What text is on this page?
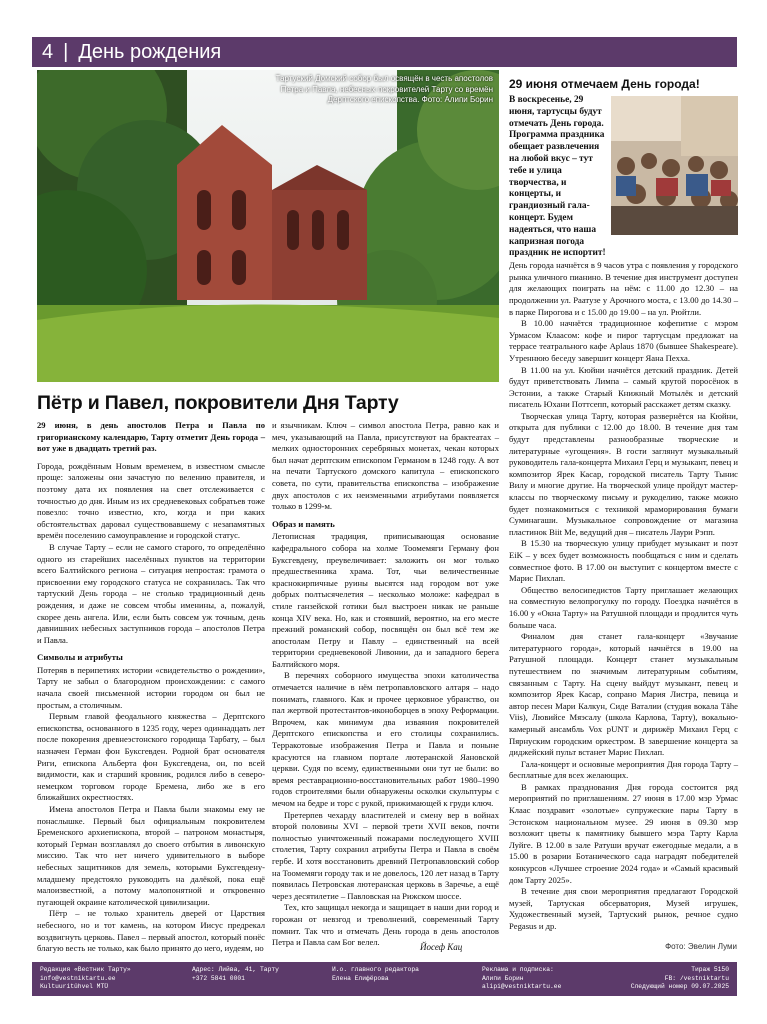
4 | День рождения
Тартуский Домский собор был освящён в честь апостолов Петра и Павла, небесных покровителей Тарту со времён Дерптского епископства. Фото: Алипи Борин
Пётр и Павел, покровители Дня Тарту

29 июня, в день апостолов Петра и Павла по григорианскому календарю, Тарту отметит День города – вот уже в двадцать третий раз.

Города, рождённым Новым временем, в известном смысле проще: заложены они зачастую по велению правителя, и поэтому дата их появления на свет отслеживается с точностью до дня. Иным из их средневековых собратьев тоже повезло: точно известно, кто, когда и при каких обстоятельствах даровал существовавшему с незапамятных времён поселению самоуправление и городской статус.

В случае Тарту – если не самого старого, то определённо одного из старейших населённых пунктов на территории всего Балтийского региона – ситуация непростая: грамота о присвоении ему городского статуса не сохранилась. Так что тартуский День города – не столько традиционный день рождения, и даже не совсем чтобы именины, а, пожалуй, скорее день ангела. Или, если быть совсем уж точным, день давнишних небесных заступников города – апостолов Петра и Павла.

Символы и атрибуты

Потеряв в перипетиях истории «свидетельство о рождении», Тарту не забыл о благородном происхождении: с самого начала своей письменной истории городом он был не простым, а столичным.

Первым главой феодального княжества – Дерптского епископства, основанного в 1235 году, через одиннадцать лет после покорения древнеэстонского городища Тарбату, – был назначен Герман фон Буксгевден. Родной брат основателя Риги, епископа Альберта фон Буксгевдена, он, по всей видимости, как и старший кровник, родился либо в северо-немецком торговом городе Бремена, либо же в его ближайших окрестностях.

Имена апостолов Петра и Павла были знакомы ему не понаслышке. Первый был официальным покровителем Бременского архиепископа, второй – патроном монастыря, который Герман возглавлял до своего отбытия в ливонскую миссию. Так что нет ничего удивительного в выборе небесных защитников для земель, которыми Буксгевдену-младшему предстояло руководить на далёкой, пока ещё малоизвестной, а потому малопонятной и откровенно пугающей окраине католической цивилизации.

Пётр – не только хранитель дверей от Царствия небесного, но и тот камень, на котором Иисус предрекал воздвигнуть церковь. Павел – первый апостол, который понёс благую весть не только, как было принято до него, иудеям, но

и язычникам. Ключ – символ апостола Петра, равно как и меч, указывающий на Павла, присутствуют на брактеатах – мелких односторонних серебряных монетах, чекан которых был начат дерптским епископом Германом в 1248 году. А вот на печати Тартуского домского капитула – епископского совета, по сути, правительства епископства – изображение двух апостолов с их неизменными атрибутами появляется только в 1299-м.

Образ и память

Летописная традиция, приписывающая основание кафедрального собора на холме Тоомемяги Герману фон Буксгевдену, преувеличивает: заложить он мог только предшественника храма. Тот, чьи величественные краснокирпичные руины высятся над городом вот уже добрых полтысячелетия – несколько моложе: кафедрал в стиле ганзейской готики был выстроен никак не раньше конца XIV века. Но, как и стоявший, вероятно, на его месте прежний романский собор, посвящён он был всё тем же апостолам Петру и Павлу – единственный на всей территории средневековой Ливонии, да и западного берега Балтийского моря.

В перечнях соборного имущества эпохи католичества отмечается наличие в нём петропавловского алтаря – надо понимать, главного. Как и прочее церковное убранство, он пал жертвой протестантов-иконоборцев в эпоху Реформации. Впрочем, как минимум два изваяния покровителей Дерптского епископства и его столицы сохранились. Терракотовые изображения Петра и Павла и поныне красуются на главном портале лютеранской Яановской церкви. Судя по всему, единственными они тут не были: во время реставрационно-восстановительных работ 1980–1990 годов строителями были обнаружены осколки скульптуры с мечом на бедре и торс с рукой, прижимающей к груди ключ.

Претерпев чехарду властителей и смену вер в войнах второй половины XVI – первой трети XVII веков, почти полностью уничтоженный пожарами последующего XVIII столетия, Тарту сохранил атрибуты Петра и Павла в своём гербе. И хотя восстановить древний Петропавловский собор на Тоомемяги городу так и не довелось, 120 лет назад в Тарту появилась Петровская лютеранская церковь в Заречье, а ещё через десятилетие – Павловская на Рижском шоссе.

Тех, кто защищал некогда и защищает в наши дни город и горожан от невзгод и треволнений, современный Тарту помнит. Так что и отмечать День города в день апостолов Петра и Павла сам Бог велел.	Йосеф Кац
29 июня отмечаем День города!

В воскресенье, 29 июня, тартусцы будут отмечать День города. Программа праздника обещает развлечения на любой вкус – тут тебе и улица творчества, и концерты, и грандиозный гала-концерт. Будем надеяться, что наша капризная погода праздник не испортит!

День города начнётся в 9 часов утра с появления у городского рынка уличного пианино. В течение дня инструмент доступен для желающих поиграть на нём: с 11.00 до 12.30 – на продолжении ул. Раатузе у Арочного моста, с 13.00 до 14.30 – в парке Пирогова и с 15.00 до 19.00 – на ул. Рюйтли.

В 10.00 начнётся традиционное кофепитие с мэром Урмасом Клаасом: кофе и пирог тартусцам предложат на террасе театрального кафе Aplaus 1870 (бывшее Shakespeare). Утреннюю беседу завершит концерт Яана Пехха.

В 11.00 на ул. Кюйни начнётся детский праздник. Детей будут приветствовать Лимпа – самый крутой поросёнок в Эстонии, а также Старый Книжный Мотылёк и детский писатель Юхани Поттсепп, который расскажет детям сказку.

Творческая улица Тарту, которая развернётся на Кюйни, открыта для публики с 12.00 до 18.00. В течение дня там будут представлены разнообразные творческие и литературные «угощения». В гости заглянут музыкальный руководитель гала-концерта Михаил Герц и музыкант, певец и композитор Ярек Касар, городской писатель Тарту Тынис Вилу и многие другие. На творческой улице пройдут мастер-классы по творческому письму и рукоделию, также можно будет познакомиться с техникой мраморирования бумаги Суминагаши. Музыкальное сопровождение от магазина пластинок Biit Me, ведущий дня – писатель Лаури Рэпп.

В 15.30 на творческую улицу прибудет музыкант и поэт EiK – у всех будет возможность пообщаться с ним и сделать совместное фото. В 17.00 он выступит с концертом вместе с Марис Пихлап.

Общество велосипедистов Тарту приглашает желающих на совместную велопрогулку по городу. Поездка начнётся в 16.00 у «Окна Тарту» на Ратушной площади и продлится чуть больше часа.

Финалом дня станет гала-концерт «Звучание литературного города», который начнётся в 19.00 на Ратушной площади. Концерт станет музыкальным путешествием по значимым литературным событиям, связанным с Тарту. На сцену выйдут музыкант, певец и композитор Ярек Касар, сопрано Мария Листра, певица и автор песен Мари Калкун, Сиде Ваталии (студия вокала Tähe Viis), Лювийсе Мяэсалу (школа Карлова, Тарту), вокально-камерный ансамбль Vox pUNT и дирижёр Михаил Герц с Пярнуским городским оркестром. В завершение концерта за диджейский пульт встанет Марис Пихлап.

Гала-концерт и основные мероприятия Дня города Тарту – бесплатные для всех желающих.

В рамках празднования Дня города состоится ряд мероприятий по приглашениям. 27 июня в 17.00 мэр Урмас Клаас поздравит «золотые» супружеские пары Тарту в Эстонском национальном музее. 29 июня в 09.30 мэр возложит цветы к памятнику бывшего мэра Тарту Карла Луйге. В 12.00 в зале Ратуши вручат ежегодные медали, а в 15.00 в розарии Ботанического сада наградят победителей конкурсов «Лучшее строение 2024 года» и «Самый красивый дом Тарту 2025».

В течение дня свои мероприятия предлагают Городской музей, Тартуская обсерватория, Музей игрушек, Художественный музей, Тартуский рынок, речное судно Pegasus и др.

Фото: Эвелин Луми
Редакция «Вестник Тарту»
info@vestniktartu.ee
Kultuuritühvel MTÜ
Адрес: Лийва, 41, Тарту
+372 5841 0001
И.о. главного редактора
Елена Елифёрова
Реклама и подписка:
Алипи Борин
alipi@vestniktartu.ee
Тираж 5150
FB: /vestniktartu
Следующий номер 09.07.2025
